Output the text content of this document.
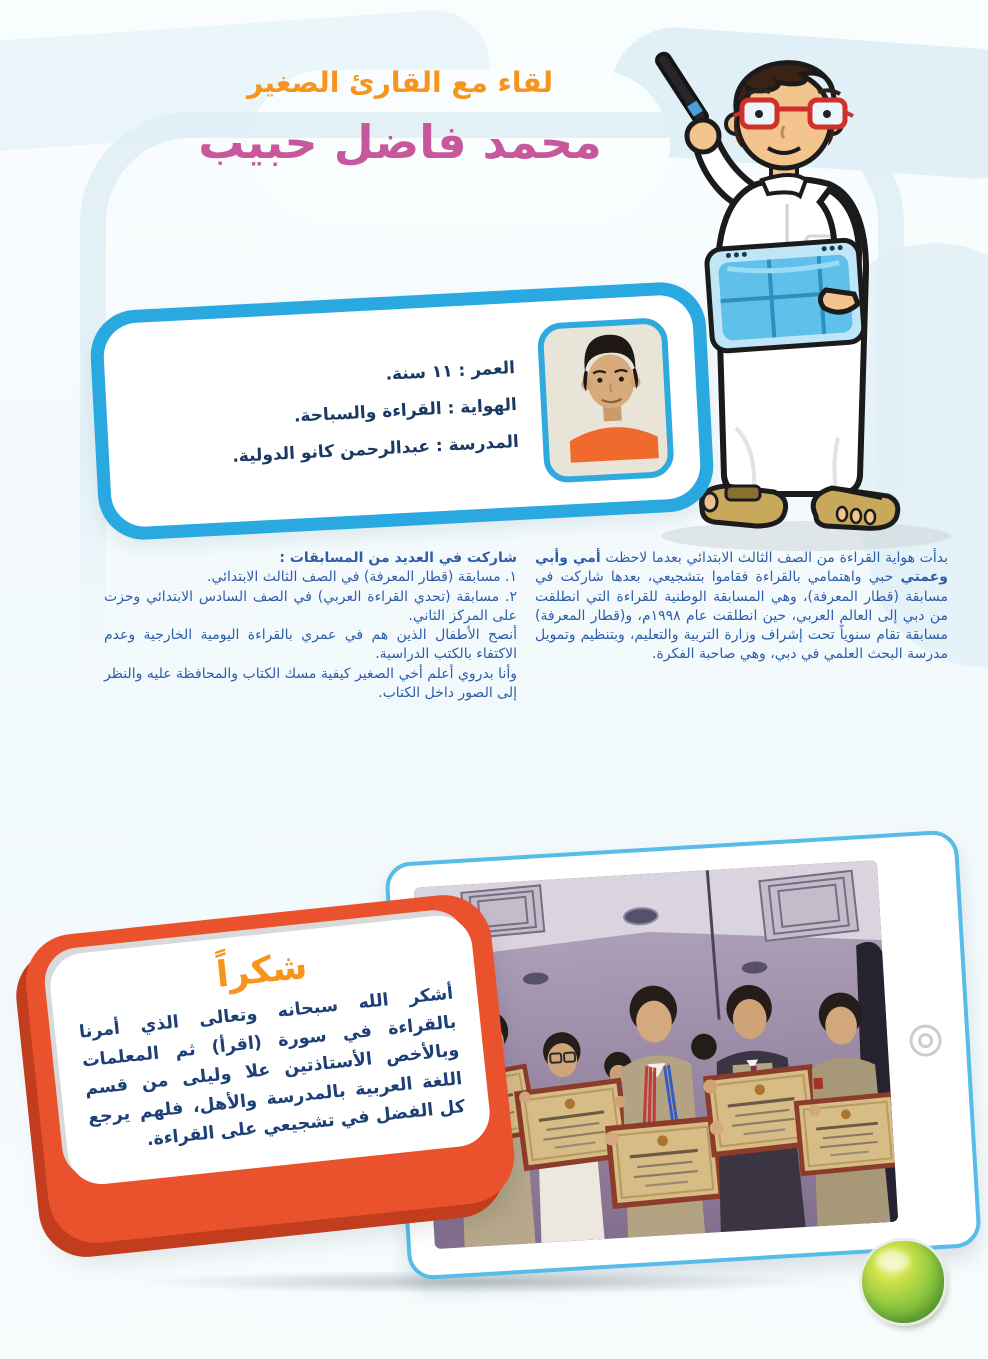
لقاء مع القارئ الصغير
محمد فاضل حبيب
العمر : ١١ سنة.
الهواية : القراءة والسباحة.
المدرسة : عبدالرحمن كانو الدولية.

بدأت هواية القراءة من الصف الثالث الابتدائي بعدما لاحظت أمي وأبي وعمتي حبي واهتمامي بالقراءة فقاموا بتشجيعي، بعدها شاركت في مسابقة (قطار المعرفة)، وهي المسابقة الوطنية للقراءة التي انطلقت من دبي إلى العالم العربي، حين انطلقت عام ١٩٩٨م، و(قطار المعرفة) مسابقة تقام سنوياً تحت إشراف وزارة التربية والتعليم، وبتنظيم وتمويل مدرسة البحث العلمي في دبي، وهي صاحبة الفكرة.

شاركت في العديد من المسابقات :

١. مسابقة (قطار المعرفة) في الصف الثالث الابتدائي.

٢. مسابقة (تحدي القراءة العربي) في الصف السادس الابتدائي وحزت على المركز الثاني.

أنصح الأطفال الذين هم في عمري بالقراءة اليومية الخارجية وعدم الاكتفاء بالكتب الدراسية.

وأنا بدروي أعلم أخي الصغير كيفية مسك الكتاب والمحافظة عليه والنظر إلى الصور داخل الكتاب.

شكراً
أشكر الله سبحانه وتعالى الذي أمرنا بالقراءة في سورة (اقرأ) ثم المعلمات وبالأخص الأستاذتين علا وليلى من قسم اللغة العربية بالمدرسة والأهل، فلهم يرجع كل الفضل في تشجيعي على القراءة.
